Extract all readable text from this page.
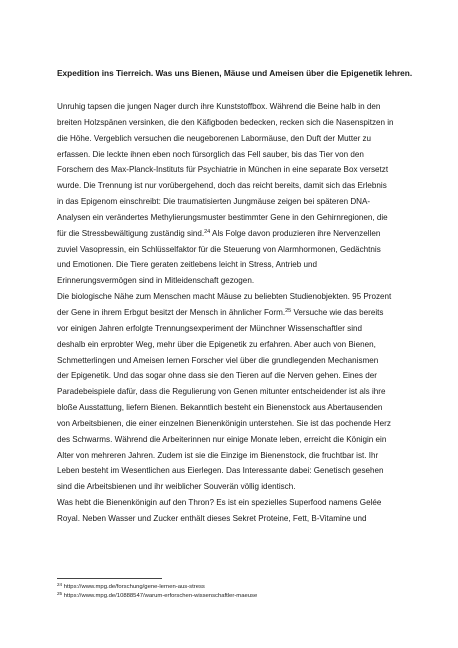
Expedition ins Tierreich. Was uns Bienen, Mäuse und Ameisen über die Epigenetik lehren.
Unruhig tapsen die jungen Nager durch ihre Kunststoffbox. Während die Beine halb in den
breiten Holzspänen versinken, die den Käfigboden bedecken, recken sich die Nasenspitzen in
die Höhe. Vergeblich versuchen die neugeborenen Labormäuse, den Duft der Mutter zu
erfassen. Die leckte ihnen eben noch fürsorglich das Fell sauber, bis das Tier von den
Forschern des Max-Planck-Instituts für Psychiatrie in München in eine separate Box versetzt
wurde. Die Trennung ist nur vorübergehend, doch das reicht bereits, damit sich das Erlebnis
in das Epigenom einschreibt: Die traumatisierten Jungmäuse zeigen bei späteren DNA-
Analysen ein verändertes Methylierungsmuster bestimmter Gene in den Gehirnregionen, die
für die Stressbewältigung zuständig sind.$^{24}$ Als Folge davon produzieren ihre Nervenzellen
zuviel Vasopressin, ein Schlüsselfaktor für die Steuerung von Alarmhormonen, Gedächtnis
und Emotionen. Die Tiere geraten zeitlebens leicht in Stress, Antrieb und
Erinnerungsvermögen sind in Mitleidenschaft gezogen.
Die biologische Nähe zum Menschen macht Mäuse zu beliebten Studienobjekten. 95 Prozent
der Gene in ihrem Erbgut besitzt der Mensch in ähnlicher Form.$^{25}$ Versuche wie das bereits
vor einigen Jahren erfolgte Trennungsexperiment der Münchner Wissenschaftler sind
deshalb ein erprobter Weg, mehr über die Epigenetik zu erfahren. Aber auch von Bienen,
Schmetterlingen und Ameisen lernen Forscher viel über die grundlegenden Mechanismen
der Epigenetik. Und das sogar ohne dass sie den Tieren auf die Nerven gehen. Eines der
Paradebeispiele dafür, dass die Regulierung von Genen mitunter entscheidender ist als ihre
bloße Ausstattung, liefern Bienen. Bekanntlich besteht ein Bienenstock aus Abertausenden
von Arbeitsbienen, die einer einzelnen Bienenkönigin unterstehen. Sie ist das pochende Herz
des Schwarms. Während die Arbeiterinnen nur einige Monate leben, erreicht die Königin ein
Alter von mehreren Jahren. Zudem ist sie die Einzige im Bienenstock, die fruchtbar ist. Ihr
Leben besteht im Wesentlichen aus Eierlegen. Das Interessante dabei: Genetisch gesehen
sind die Arbeitsbienen und ihr weiblicher Souverän völlig identisch.
Was hebt die Bienenkönigin auf den Thron? Es ist ein spezielles Superfood namens Gelée
Royal. Neben Wasser und Zucker enthält dieses Sekret Proteine, Fett, B-Vitamine und
$^{24}$ https://www.mpg.de/forschung/gene-lernen-aus-stress
$^{25}$ https://www.mpg.de/10888547/warum-erforschen-wissenschaftler-maeuse
